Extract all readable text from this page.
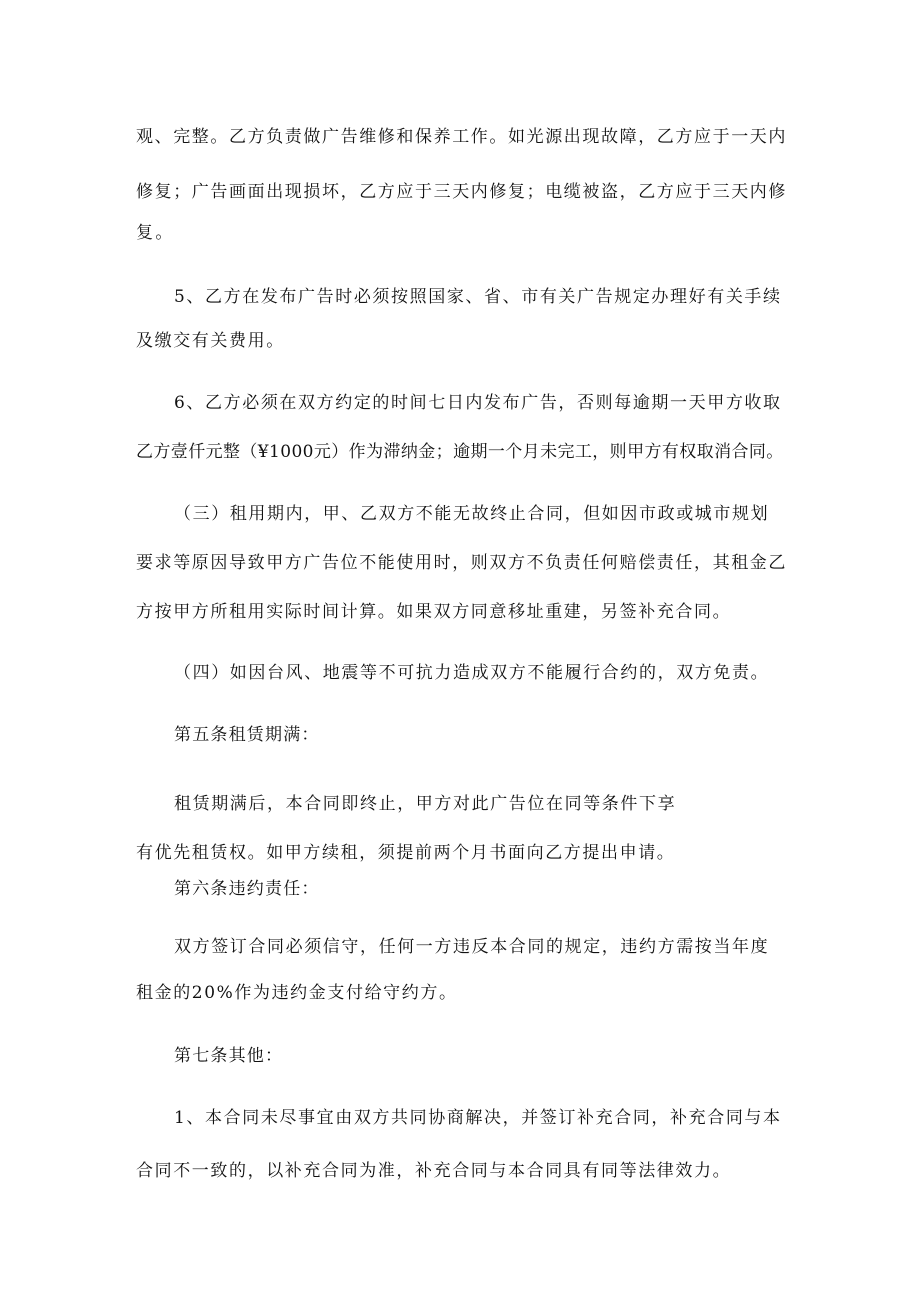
观、完整。乙方负责做广告维修和保养工作。如光源出现故障，乙方应于一天内
修复；广告画面出现损坏，乙方应于三天内修复；电缆被盗，乙方应于三天内修
复。
5、乙方在发布广告时必须按照国家、省、市有关广告规定办理好有关手续
及缴交有关费用。
6、乙方必须在双方约定的时间七日内发布广告，否则每逾期一天甲方收取
乙方壹仟元整（¥1000元）作为滞纳金；逾期一个月未完工，则甲方有权取消合同。
（三）租用期内，甲、乙双方不能无故终止合同，但如因市政或城市规划
要求等原因导致甲方广告位不能使用时，则双方不负责任何赔偿责任，其租金乙
方按甲方所租用实际时间计算。如果双方同意移址重建，另签补充合同。
（四）如因台风、地震等不可抗力造成双方不能履行合约的，双方免责。
第五条租赁期满：
租赁期满后，本合同即终止，甲方对此广告位在同等条件下享
有优先租赁权。如甲方续租，须提前两个月书面向乙方提出申请。
第六条违约责任：
双方签订合同必须信守，任何一方违反本合同的规定，违约方需按当年度
租金的20%作为违约金支付给守约方。
第七条其他：
1、本合同未尽事宜由双方共同协商解决，并签订补充合同，补充合同与本
合同不一致的，以补充合同为准，补充合同与本合同具有同等法律效力。
